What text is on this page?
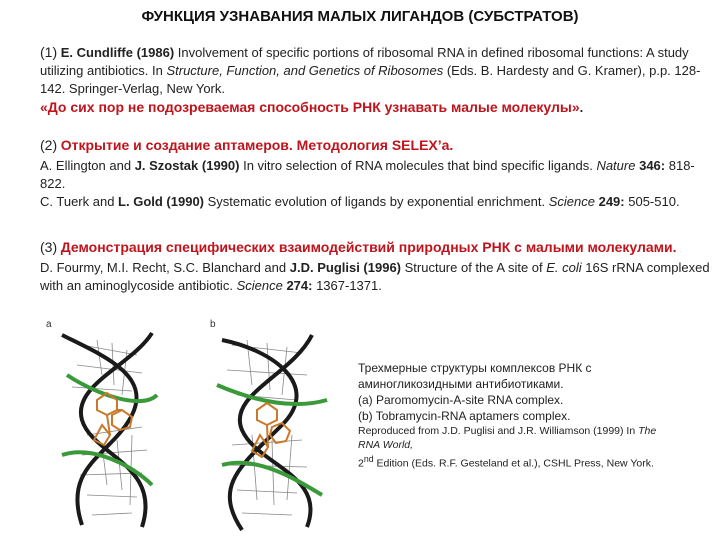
ФУНКЦИЯ УЗНАВАНИЯ МАЛЫХ ЛИГАНДОВ (СУБСТРАТОВ)
(1) E. Cundliffe (1986) Involvement of specific portions of ribosomal RNA in defined ribosomal functions: A study utilizing antibiotics. In Structure, Function, and Genetics of Ribosomes (Eds. B. Hardesty and G. Kramer), p.p. 128-142. Springer-Verlag, New York.
«До сих пор не подозреваемая способность РНК узнавать малые молекулы».
(2) Открытие и создание аптамеров. Методология SELEX’а.
A. Ellington and J. Szostak (1990) In vitro selection of RNA molecules that bind specific ligands. Nature 346: 818-822.
C. Tuerk and L. Gold (1990) Systematic evolution of ligands by exponential enrichment. Science 249: 505-510.
(3) Демонстрация специфических взаимодействий природных РНК с малыми молекулами.
D. Fourmy, M.I. Recht, S.C. Blanchard and J.D. Puglisi (1996) Structure of the A site of E. coli 16S rRNA complexed with an aminoglycoside antibiotic. Science 274: 1367-1371.
a	b
Трехмерные структуры комплексов РНК с аминогликозидными антибиотиками.
(a) Paromomycin-A-site RNA complex.
(b) Tobramycin-RNA aptamers complex.
Reproduced from J.D. Puglisi and J.R. Williamson (1999) In The RNA World,
2nd Edition (Eds. R.F. Gesteland et al.), CSHL Press, New York.
